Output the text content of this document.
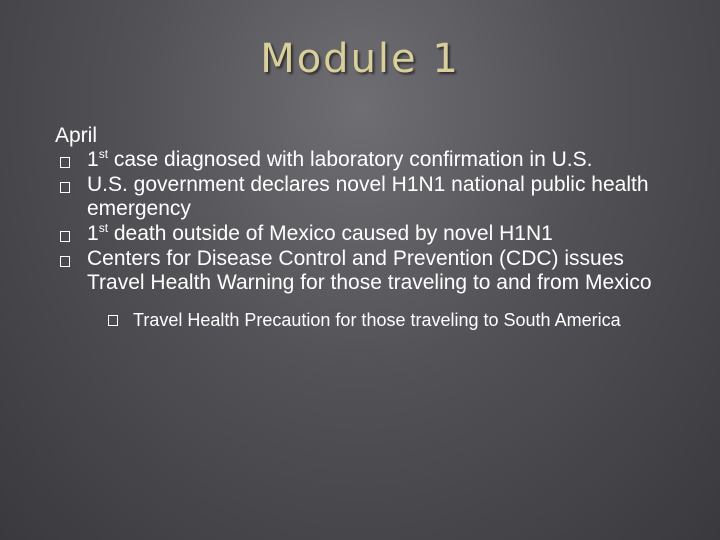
Module 1
April
1st case diagnosed with laboratory confirmation in U.S.
U.S. government declares novel H1N1 national public health emergency
1st death outside of Mexico caused by novel H1N1
Centers for Disease Control and Prevention (CDC) issues Travel Health Warning for those traveling to and from Mexico
Travel Health Precaution for those traveling to South America
